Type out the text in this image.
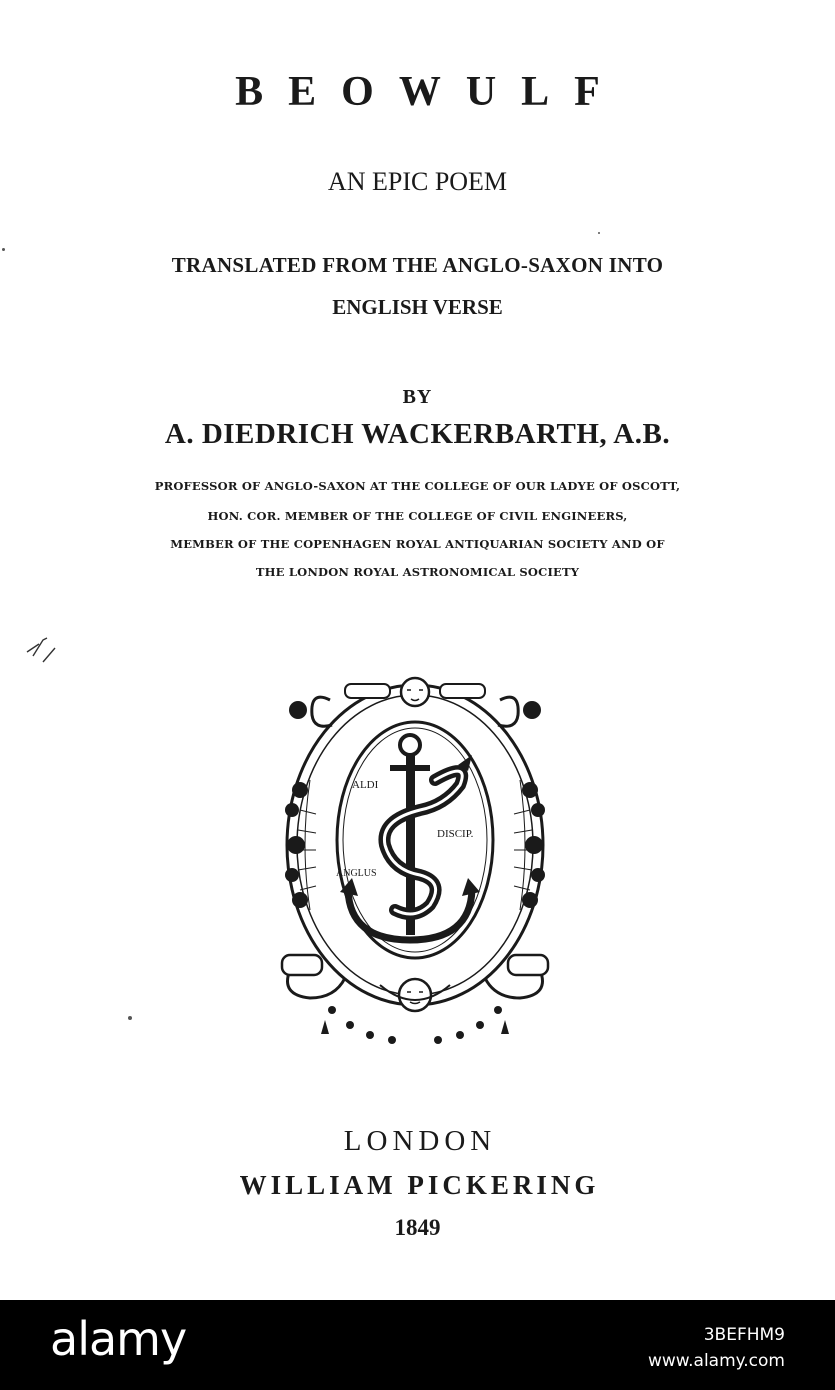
BEOWULF
AN EPIC POEM
TRANSLATED FROM THE ANGLO-SAXON INTO
ENGLISH VERSE
BY
A. DIEDRICH WACKERBARTH, A.B.
PROFESSOR OF ANGLO-SAXON AT THE COLLEGE OF OUR LADYE OF OSCOTT,
HON. COR. MEMBER OF THE COLLEGE OF CIVIL ENGINEERS,
MEMBER OF THE COPENHAGEN ROYAL ANTIQUARIAN SOCIETY AND OF
THE LONDON ROYAL ASTRONOMICAL SOCIETY
ALDI
DISCIP.
ANGLUS
LONDON
WILLIAM PICKERING
1849
alamy	3BEFHM9
www.alamy.com
